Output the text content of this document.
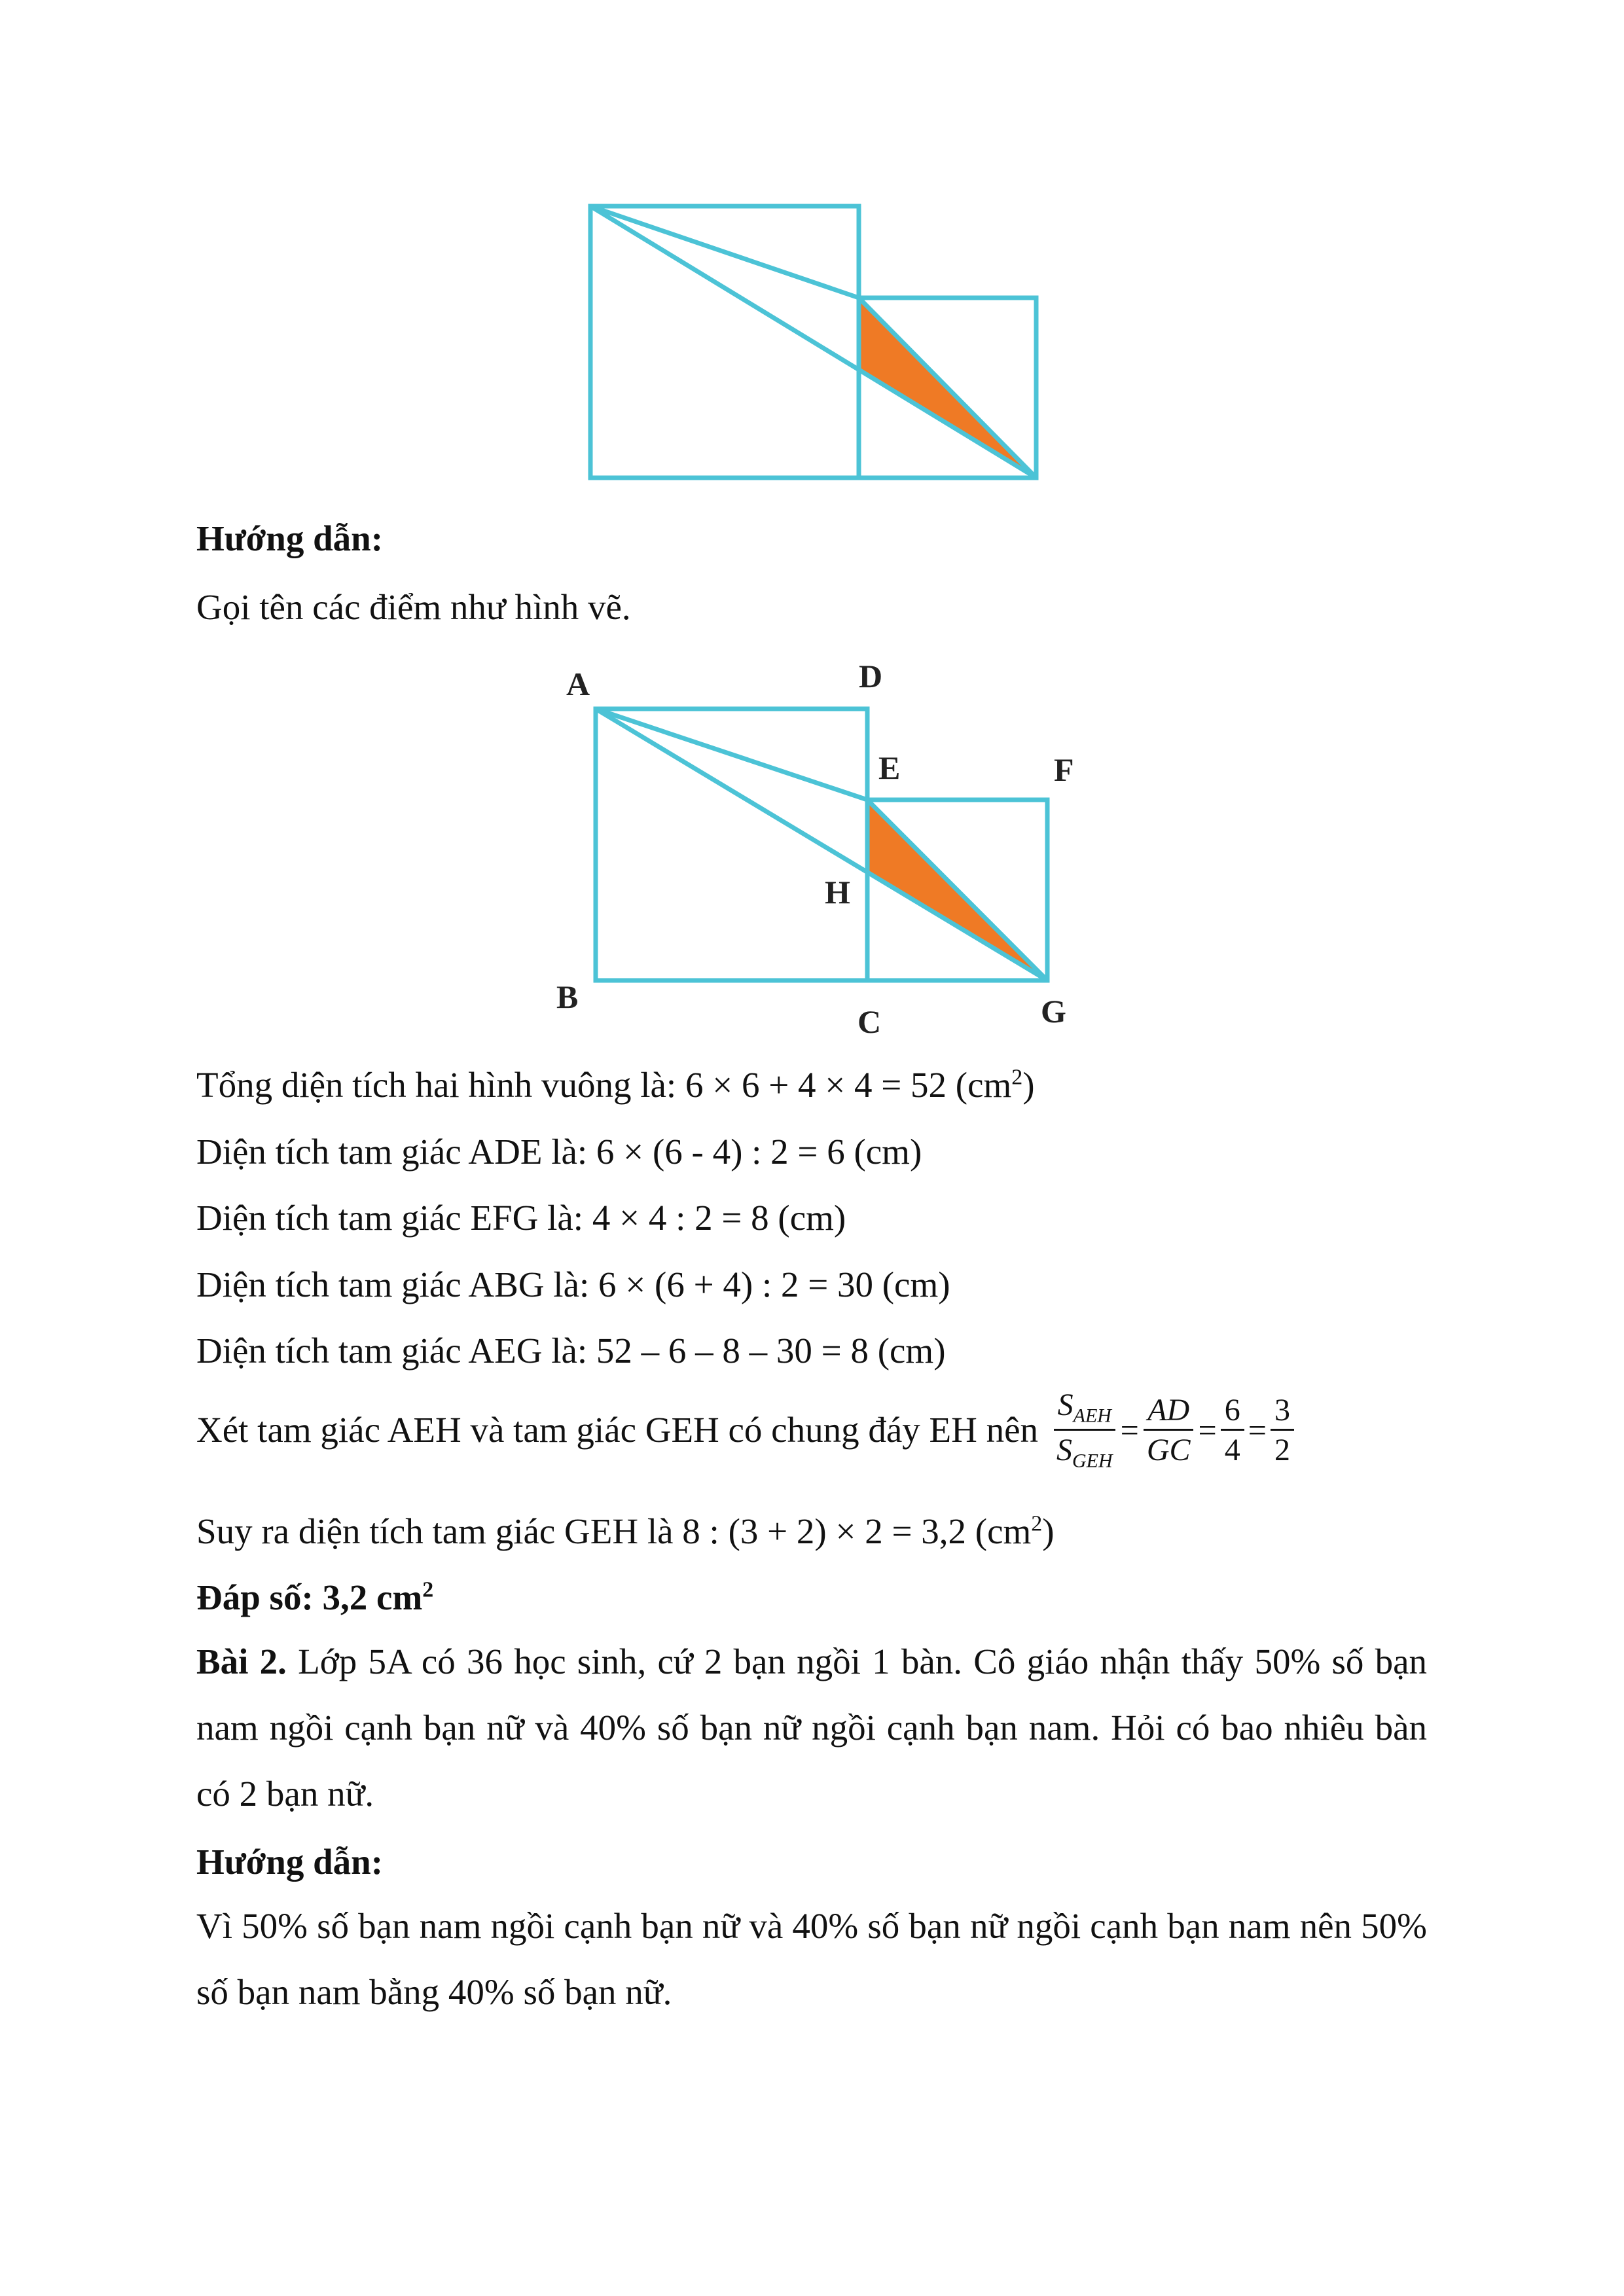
Hướng dẫn:
Gọi tên các điểm như hình vẽ.
A	D
E	F
H
B
C	G
Tổng diện tích hai hình vuông là: 6 × 6 + 4 × 4 = 52 $(cm^2)$
Diện tích tam giác ADE là: 6 × (6 - 4) : 2 = 6 (cm)
Diện tích tam giác EFG là: 4 × 4 : 2 = 8 (cm)
Diện tích tam giác ABG là: 6 × (6 + 4) : 2 = 30 (cm)
Diện tích tam giác AEG là: 52 – 6 – 8 – 30 = 8 (cm)
Xét tam giác AEH và tam giác GEH có chung đáy EH nên $\frac{S_{AEH}}{S_{GEH}} = \frac{AD}{GC} = \frac{6}{4} = \frac{3}{2}$
Suy ra diện tích tam giác GEH là 8 : (3 + 2) × 2 = 3,2 $(cm^2)$
Đáp số: 3,2 $cm^2$
Bài 2. Lớp 5A có 36 học sinh, cứ 2 bạn ngồi 1 bàn. Cô giáo nhận thấy 50% số bạn nam ngồi cạnh bạn nữ và 40% số bạn nữ ngồi cạnh bạn nam. Hỏi có bao nhiêu bàn có 2 bạn nữ.
Hướng dẫn:
Vì 50% số bạn nam ngồi cạnh bạn nữ và 40% số bạn nữ ngồi cạnh bạn nam nên 50% số bạn nam bằng 40% số bạn nữ.
